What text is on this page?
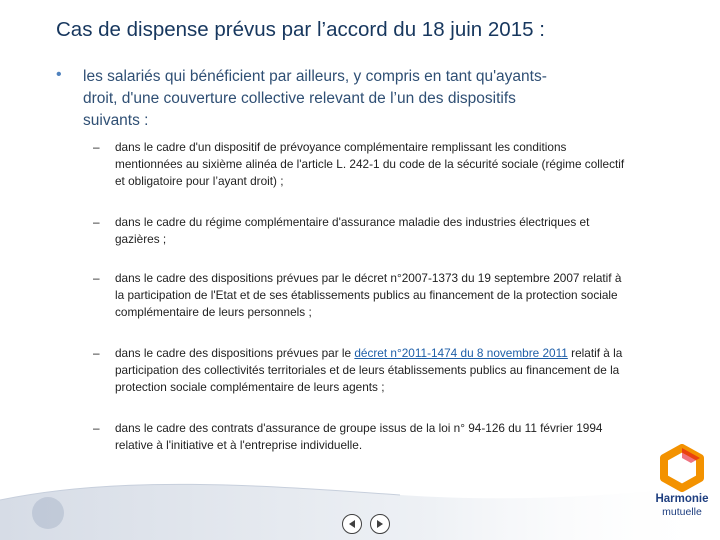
Cas de dispense prévus par l’accord du 18 juin 2015 :
• les salariés qui bénéficient par ailleurs, y compris en tant qu'ayants-
droit, d'une couverture collective relevant de l’un des dispositifs
suivants :
– dans le cadre d'un dispositif de prévoyance complémentaire remplissant les conditions
mentionnées au sixième alinéa de l'article L. 242-1 du code de la sécurité sociale (régime collectif
et obligatoire pour l’ayant droit) ;
– dans le cadre du régime complémentaire d'assurance maladie des industries électriques et
gazières ;
– dans le cadre des dispositions prévues par le décret n°2007-1373 du 19 septembre 2007 relatif à
la participation de l'Etat et de ses établissements publics au financement de la protection sociale
complémentaire de leurs personnels ;
– dans le cadre des dispositions prévues par le décret n°2011-1474 du 8 novembre 2011 relatif à la
participation des collectivités territoriales et de leurs établissements publics au financement de la
protection sociale complémentaire de leurs agents ;
– dans le cadre des contrats d'assurance de groupe issus de la loi n° 94-126 du 11 février 1994
relative à l'initiative et à l'entreprise individuelle.
Harmonie
mutuelle
